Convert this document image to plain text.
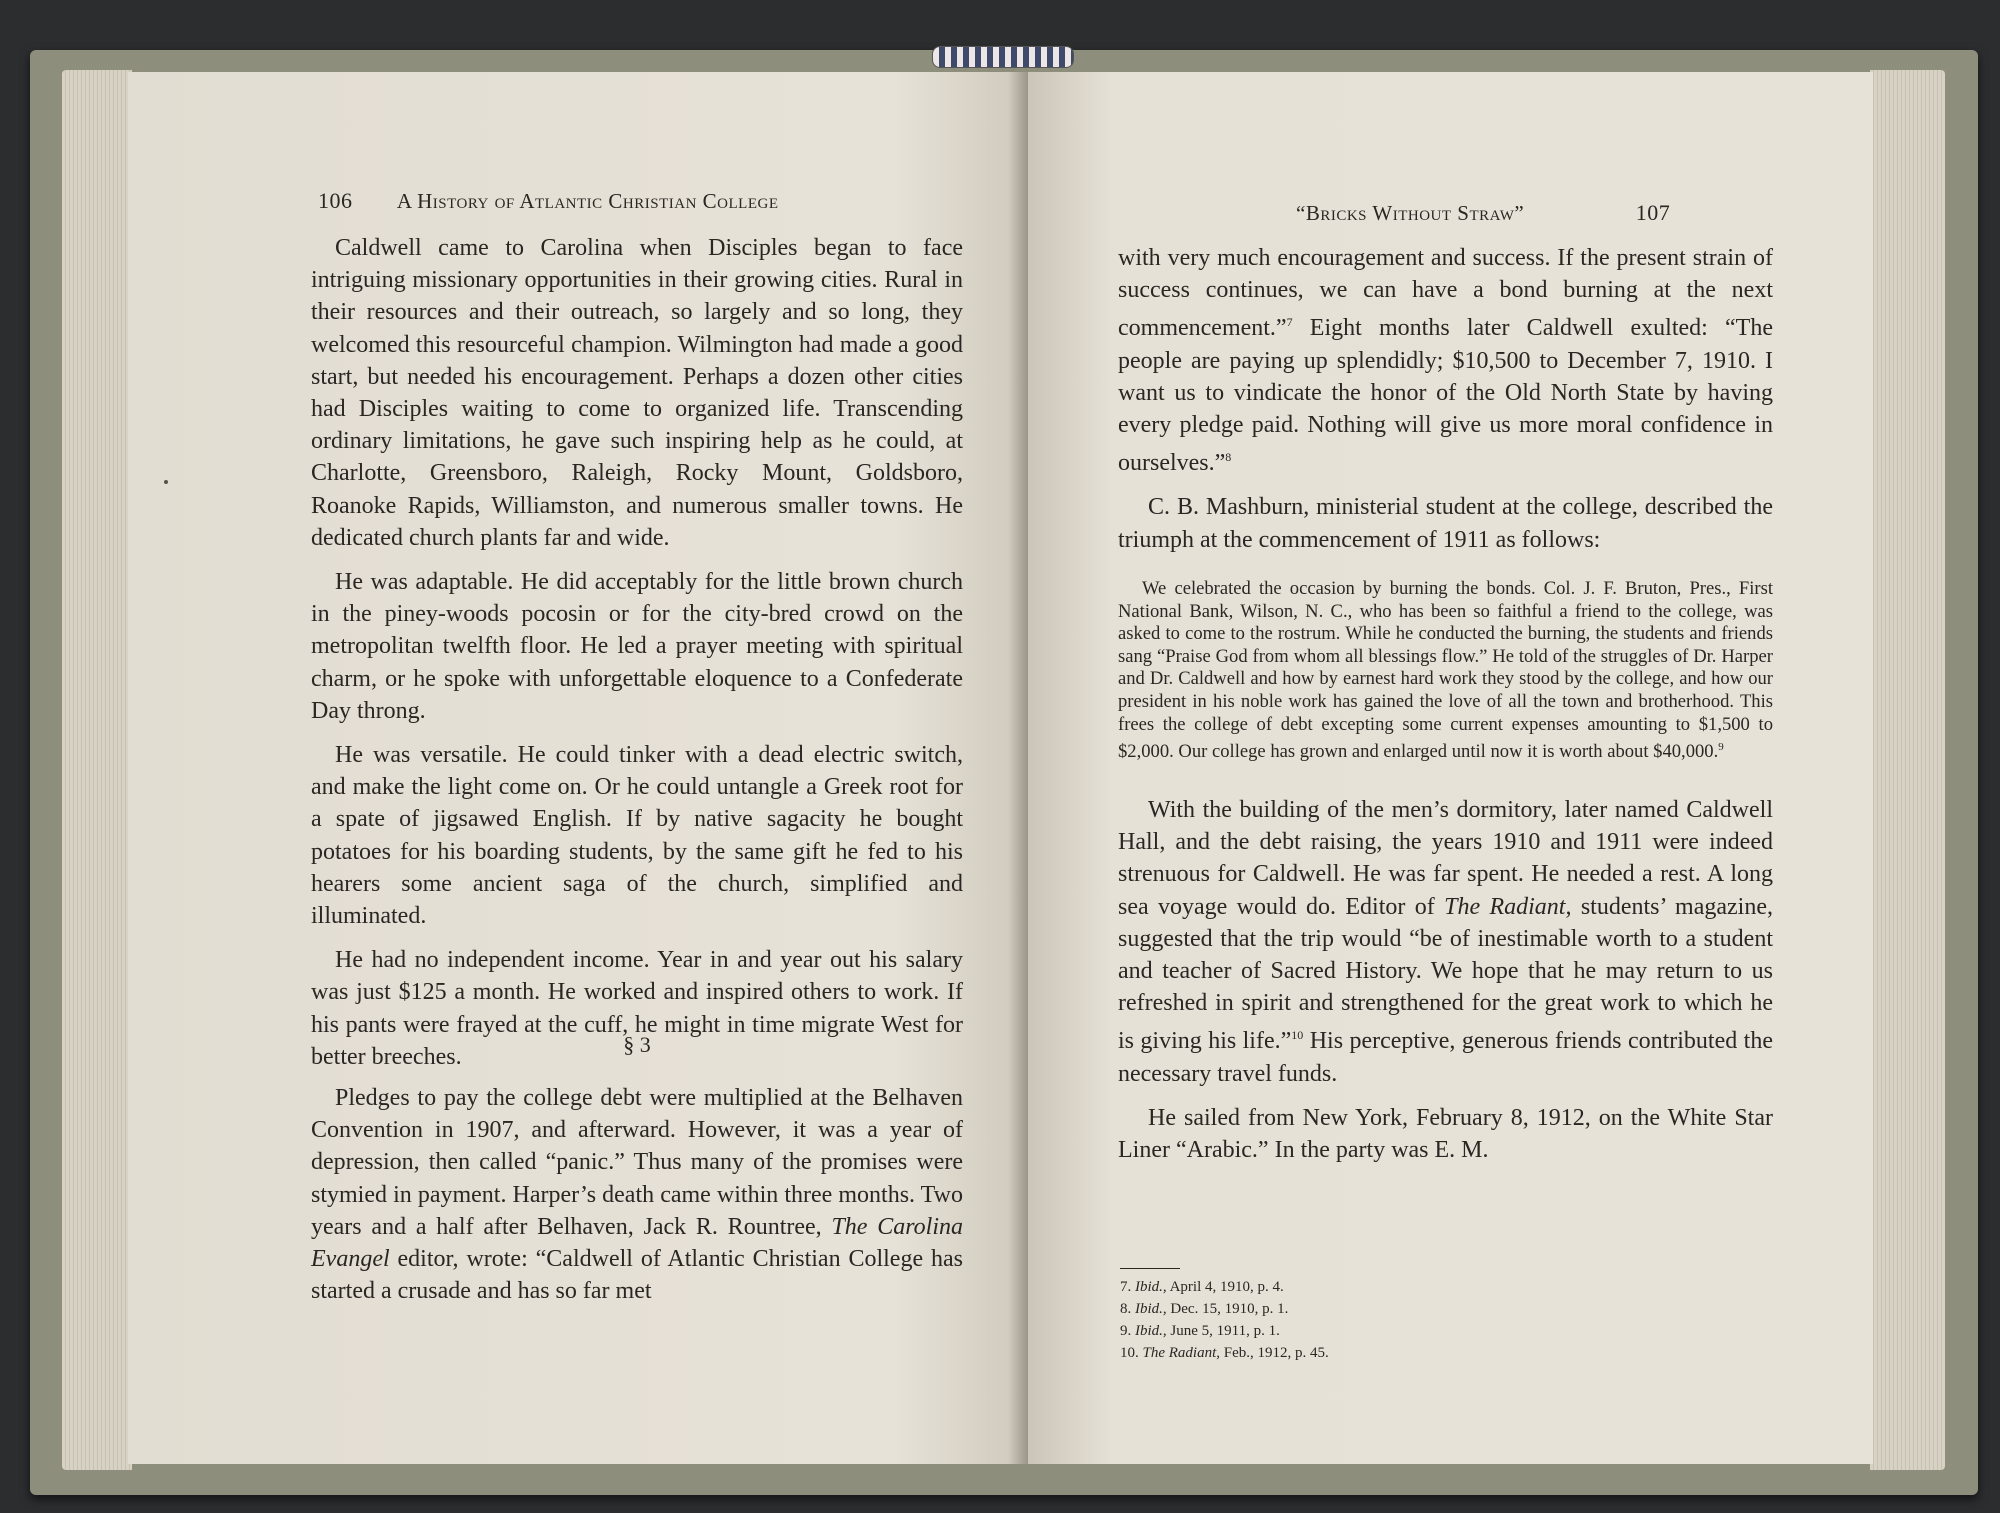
106 A History of Atlantic Christian College

Caldwell came to Carolina when Disciples began to face intriguing missionary opportunities in their growing cities. Rural in their resources and their outreach, so largely and so long, they welcomed this resourceful champion. Wilmington had made a good start, but needed his encouragement. Perhaps a dozen other cities had Disciples waiting to come to organized life. Transcending ordinary limitations, he gave such inspiring help as he could, at Charlotte, Greensboro, Raleigh, Rocky Mount, Goldsboro, Roanoke Rapids, Williamston, and numerous smaller towns. He dedicated church plants far and wide.

He was adaptable. He did acceptably for the little brown church in the piney-woods pocosin or for the city-bred crowd on the metropolitan twelfth floor. He led a prayer meeting with spiritual charm, or he spoke with unforgettable eloquence to a Confederate Day throng.

He was versatile. He could tinker with a dead electric switch, and make the light come on. Or he could untangle a Greek root for a spate of jigsawed English. If by native sagacity he bought potatoes for his boarding students, by the same gift he fed to his hearers some ancient saga of the church, simplified and illuminated.

He had no independent income. Year in and year out his salary was just $125 a month. He worked and inspired others to work. If his pants were frayed at the cuff, he might in time migrate West for better breeches.	§ 3

Pledges to pay the college debt were multiplied at the Belhaven Convention in 1907, and afterward. However, it was a year of depression, then called “panic.” Thus many of the promises were stymied in payment. Harper’s death came within three months. Two years and a half after Belhaven, Jack R. Rountree, The Carolina Evangel editor, wrote: “Caldwell of Atlantic Christian College has started a crusade and has so far met

“Bricks Without Straw”	107

with very much encouragement and success. If the present strain of success continues, we can have a bond burning at the next commencement.”$^7$ Eight months later Caldwell exulted: “The people are paying up splendidly; $10,500 to December 7, 1910. I want us to vindicate the honor of the Old North State by having every pledge paid. Nothing will give us more moral confidence in ourselves.”$^8$

C. B. Mashburn, ministerial student at the college, described the triumph at the commencement of 1911 as follows:

We celebrated the occasion by burning the bonds. Col. J. F. Bruton, Pres., First National Bank, Wilson, N. C., who has been so faithful a friend to the college, was asked to come to the rostrum. While he conducted the burning, the students and friends sang “Praise God from whom all blessings flow.” He told of the struggles of Dr. Harper and Dr. Caldwell and how by earnest hard work they stood by the college, and how our president in his noble work has gained the love of all the town and brotherhood. This frees the college of debt excepting some current expenses amounting to $1,500 to $2,000. Our college has grown and enlarged until now it is worth about $40,000.$^9$

With the building of the men’s dormitory, later named Caldwell Hall, and the debt raising, the years 1910 and 1911 were indeed strenuous for Caldwell. He was far spent. He needed a rest. A long sea voyage would do. Editor of The Radiant, students’ magazine, suggested that the trip would “be of inestimable worth to a student and teacher of Sacred History. We hope that he may return to us refreshed in spirit and strengthened for the great work to which he is giving his life.”$^{10}$ His perceptive, generous friends contributed the necessary travel funds.

He sailed from New York, February 8, 1912, on the White Star Liner “Arabic.” In the party was E. M.

7. Ibid., April 4, 1910, p. 4.
8. Ibid., Dec. 15, 1910, p. 1.
9. Ibid., June 5, 1911, p. 1.
10. The Radiant, Feb., 1912, p. 45.
